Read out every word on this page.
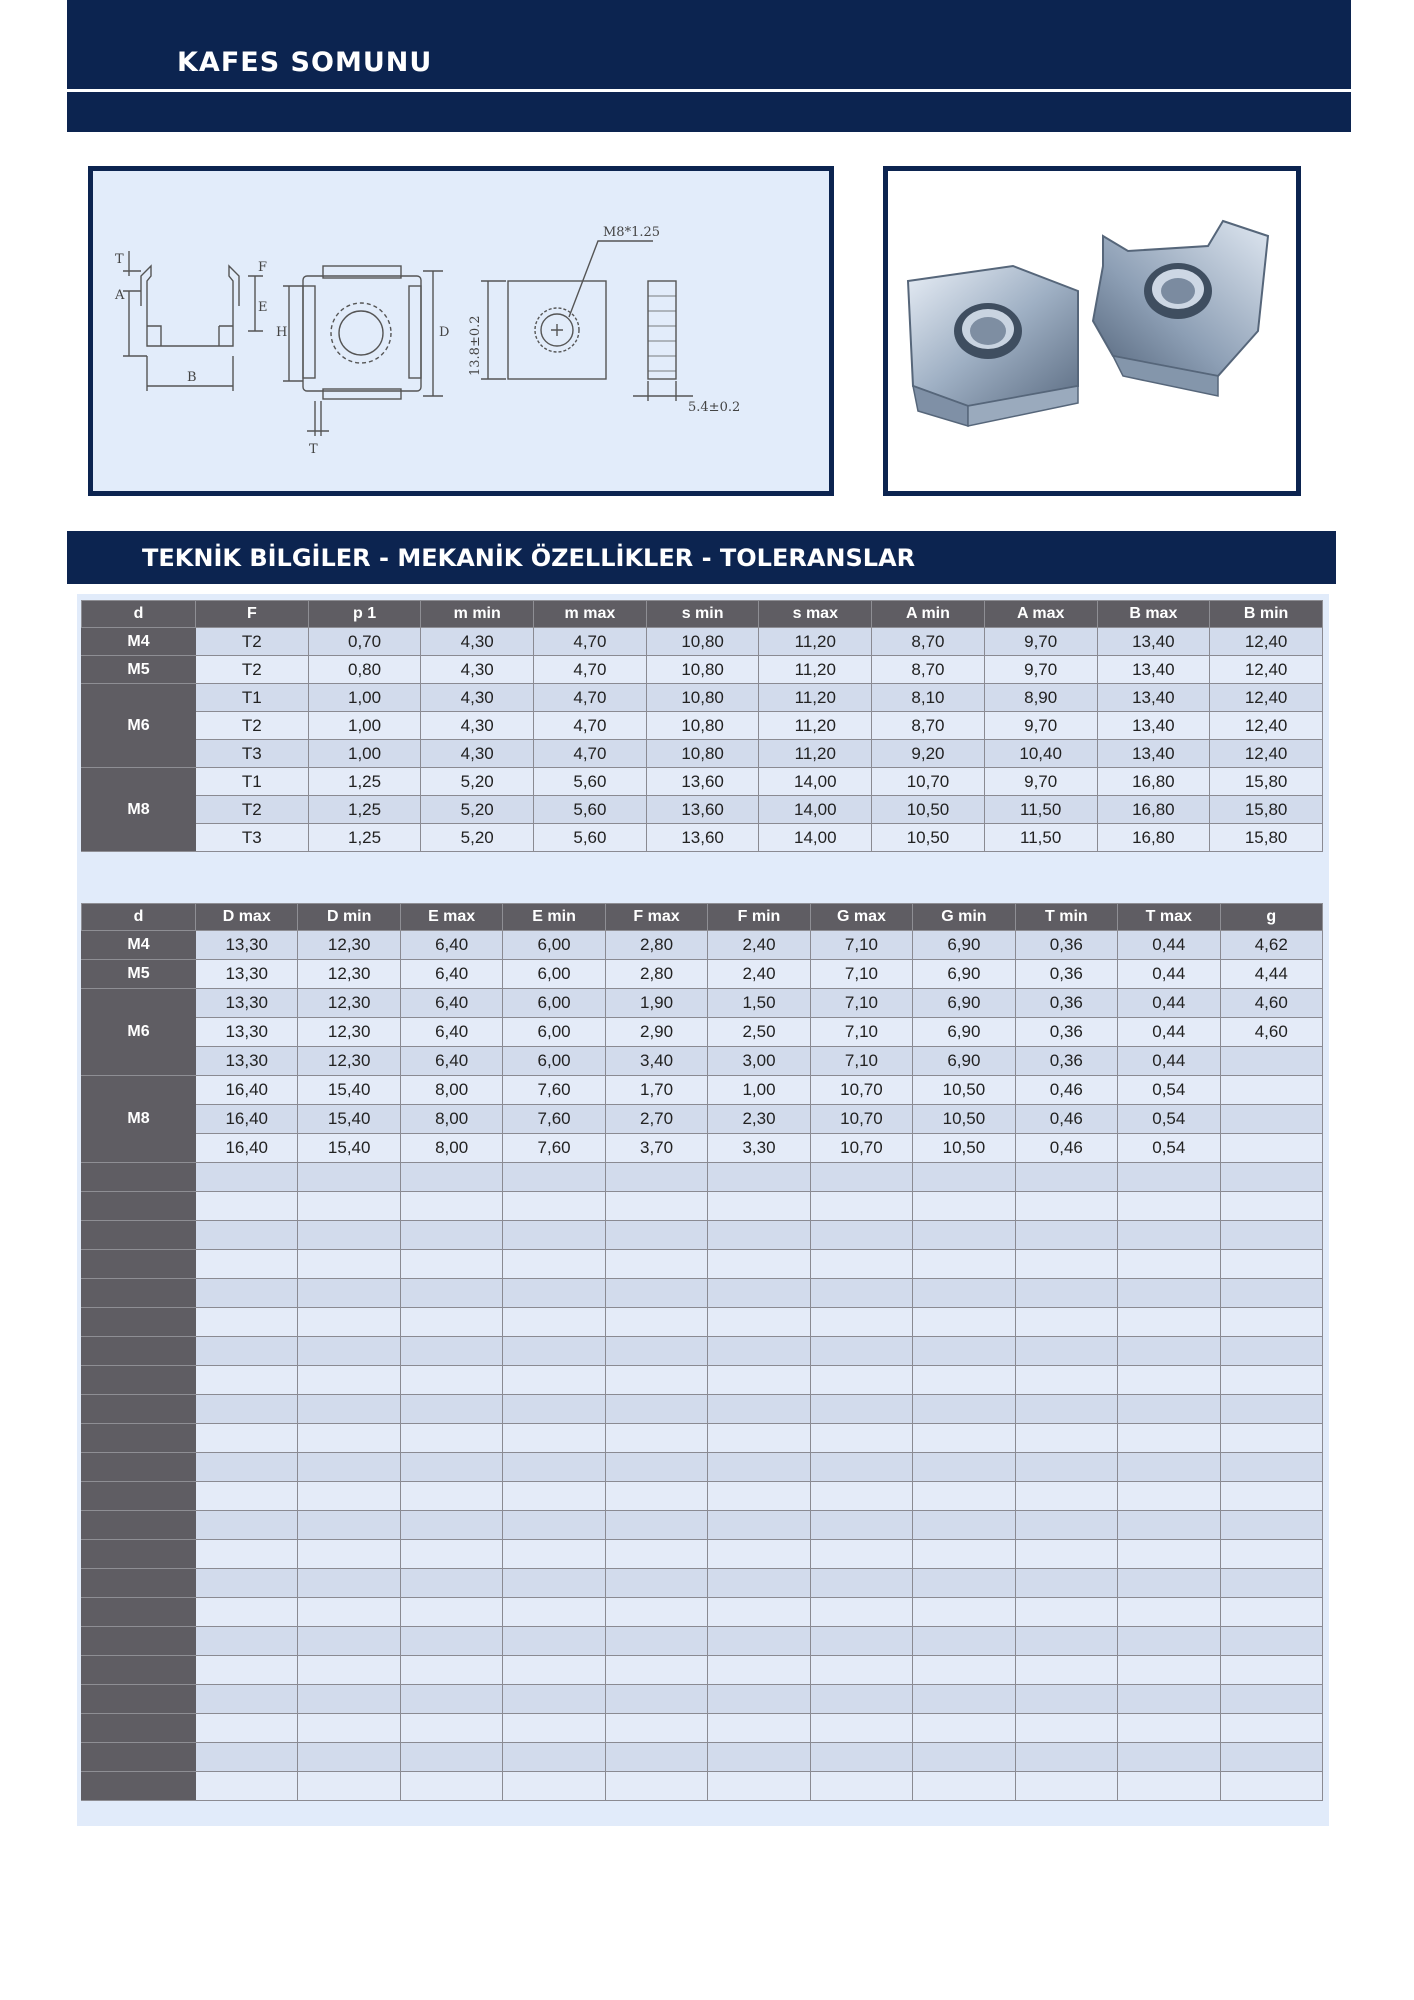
KAFES SOMUNU
A
T
B
F
E
H	D
T
M8*1.25
5.4±0.2
13.8±0.2
TEKNİK BİLGİLER - MEKANİK ÖZELLİKLER - TOLERANSLAR
d	F	p 1	m min	m max	s min	s max	A min	A max	B max	B min
M4	T2	0,70	4,30	4,70	10,80	11,20	8,70	9,70	13,40	12,40
M5	T2	0,80	4,30	4,70	10,80	11,20	8,70	9,70	13,40	12,40
M6	T1	1,00	4,30	4,70	10,80	11,20	8,10	8,90	13,40	12,40
	T2	1,00	4,30	4,70	10,80	11,20	8,70	9,70	13,40	12,40
	T3	1,00	4,30	4,70	10,80	11,20	9,20	10,40	13,40	12,40
M8	T1	1,25	5,20	5,60	13,60	14,00	10,70	9,70	16,80	15,80
	T2	1,25	5,20	5,60	13,60	14,00	10,50	11,50	16,80	15,80
	T3	1,25	5,20	5,60	13,60	14,00	10,50	11,50	16,80	15,80
d	D max	D min	E max	E min	F max	F min	G max	G min	T min	T max	g
M4	13,30	12,30	6,40	6,00	2,80	2,40	7,10	6,90	0,36	0,44	4,62
M5	13,30	12,30	6,40	6,00	2,80	2,40	7,10	6,90	0,36	0,44	4,44
M6	13,30	12,30	6,40	6,00	1,90	1,50	7,10	6,90	0,36	0,44	4,60
	13,30	12,30	6,40	6,00	2,90	2,50	7,10	6,90	0,36	0,44	4,60
	13,30	12,30	6,40	6,00	3,40	3,00	7,10	6,90	0,36	0,44	
M8	16,40	15,40	8,00	7,60	1,70	1,00	10,70	10,50	0,46	0,54	
	16,40	15,40	8,00	7,60	2,70	2,30	10,70	10,50	0,46	0,54	
	16,40	15,40	8,00	7,60	3,70	3,30	10,70	10,50	0,46	0,54	
